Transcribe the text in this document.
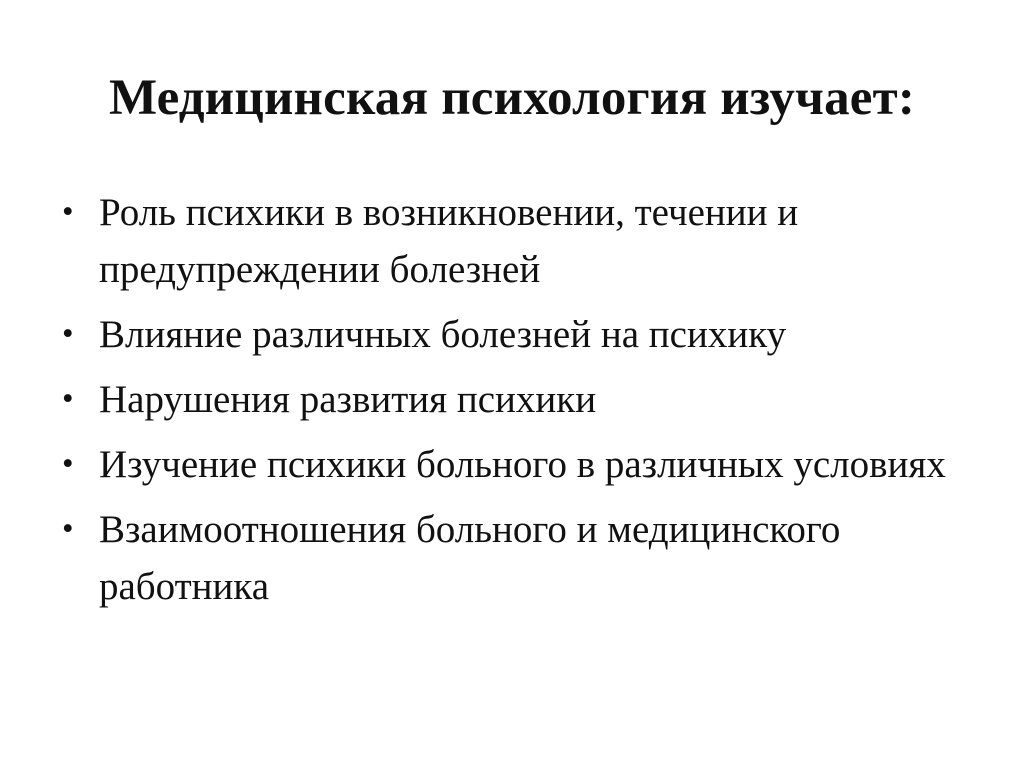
Медицинская психология изучает:
• Роль психики в возникновении, течении и предупреждении болезней
• Влияние различных болезней на психику
• Нарушения развития психики
• Изучение психики больного в различных условиях
• Взаимоотношения больного и медицинского работника
